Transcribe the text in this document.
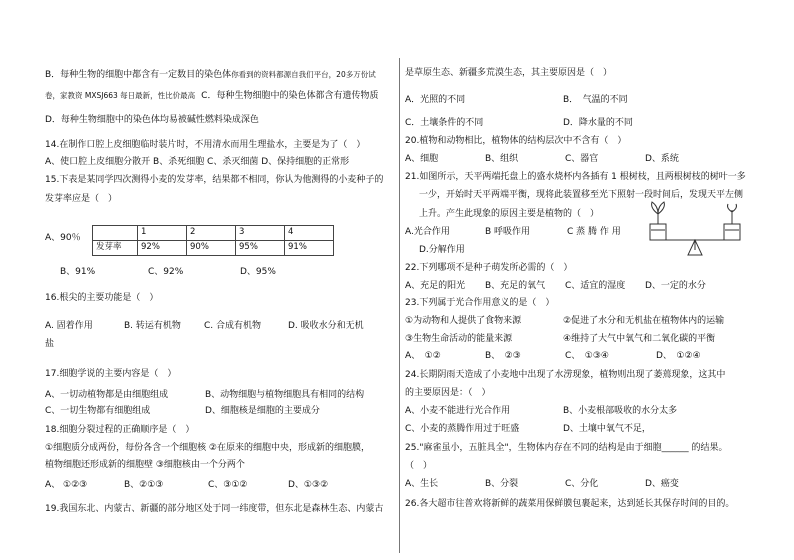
B．每种生物的细胞中都含有一定数目的染色体你看到的资料都源自我们平台，20多万份试
卷，家教资 MXSJ663 每日最新，性比价最高 C．每种生物细胞中的染色体都含有遗传物质
D．每种生物细胞中的染色体均易被碱性燃料染成深色
14.在制作口腔上皮细胞临时装片时，不用清水而用生理盐水，主要是为了（　）
A、使口腔上皮细胞分散开 B、杀死细胞 C、杀灭细菌 D、保持细胞的正常形
15.下表是某同学四次测得小麦的发芽率，结果都不相同，你认为他测得的小麦种子的
发芽率应是（　）
A、90％
	1	2	3	4
发芽率	92%	90%	95%	91%
B、91%	C、92%	D、95%
16.根尖的主要功能是（　）
A. 固着作用	B. 转运有机物	C. 合成有机物	D. 吸收水分和无机
盐
17.细胞学说的主要内容是（　）
A、一切动植物都是由细胞组成	B、动物细胞与植物细胞具有相同的结构
C、一切生物都有细胞组成	D、细胞核是细胞的主要成分
18.细胞分裂过程的正确顺序是（　）
①细胞质分成两份，每份各含一个细胞核 ②在原来的细胞中央，形成新的细胞膜，
植物细胞还形成新的细胞壁 ③细胞核由一个分两个
A、 ①②③	B、②①③	C、③①②	D、①③②
19.我国东北、内蒙古、新疆的部分地区处于同一纬度带，但东北是森林生态、内蒙古
是草原生态、新疆多荒漠生态，其主要原因是（　）
A．光照的不同	B．　气温的不同
C．土壤条件的不同	D．降水量的不同
20.植物和动物相比，植物体的结构层次中不含有（　）
A、细胞	B、组织	C、器官	D、系统
21.如图所示，天平两端托盘上的盛水烧杯内各插有 1 根树枝，且两根树枝的树叶一多
一少，开始时天平两端平衡，现将此装置移至光下照射一段时间后，发现天平左侧
上升。产生此现象的原因主要是植物的（　）
A.光合作用	B 呼吸作用	C 蒸 腾 作 用
D.分解作用
22.下列哪项不是种子萌发所必需的（　）
A、充足的阳光 B、充足的氧气 C、适宜的湿度 D、一定的水分
23.下列属于光合作用意义的是（　）
①为动物和人提供了食物来源	②促进了水分和无机盐在植物体内的运输
③生物生命活动的能量来源	④维持了大气中氧气和二氧化碳的平衡
A、　①②	B、　②③	C、　①③④	D、　①②④
24.长期阴雨天造成了小麦地中出现了水涝现象，植物则出现了萎蔫现象，这其中
的主要原因是：（　）
A、小麦不能进行光合作用	B、小麦根部吸收的水分太多
C、小麦的蒸腾作用过于旺盛	D、土壤中氧气不足，
25."麻雀虽小，五脏具全"，生物体内存在不同的结构是由于细胞______ 的结果。
（　）
A、生长	B、分裂	C、分化	D、癌变
26.各大超市往普欢将新鲜的蔬菜用保鲜膜包裹起来，达到延长其保存时间的目的。
